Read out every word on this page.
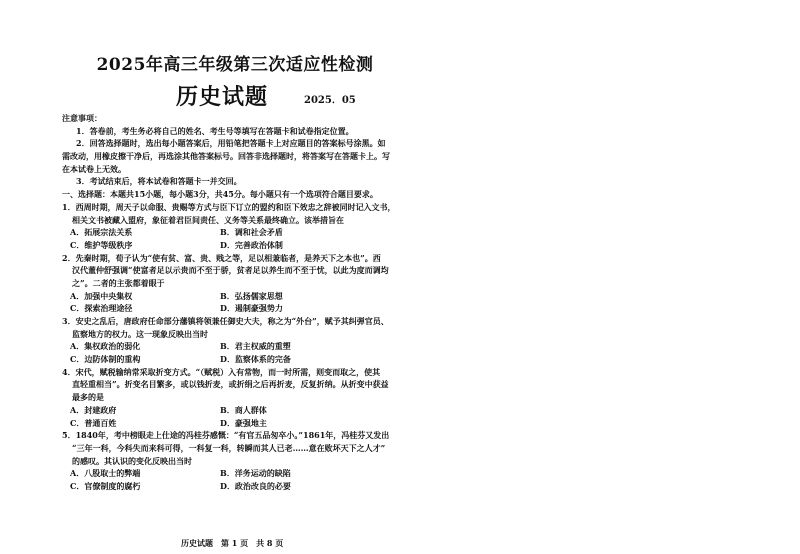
2025年高三年级第三次适应性检测
历史试题	2025．05
注意事项：
1．答卷前，考生务必将自己的姓名、考生号等填写在答题卡和试卷指定位置。
2．回答选择题时，选出每小题答案后，用铅笔把答题卡上对应题目的答案标号涂黑。如
需改动，用橡皮擦干净后，再选涂其他答案标号。回答非选择题时，将答案写在答题卡上。写
在本试卷上无效。
3．考试结束后，将本试卷和答题卡一并交回。
一、选择题：本题共15小题，每小题3分，共45分。每小题只有一个选项符合题目要求。
1．西周时期，周天子以命服、贵赐等方式与臣下订立的盟约和臣下效忠之辞被同时记入文书，
相关文书被藏入盟府，象征着君臣间责任、义务等关系最终确立。该举措旨在
A．拓展宗法关系	B．调和社会矛盾
C．维护等级秩序	D．完善政治体制
2．先秦时期，荀子认为“使有贫、富、贵、贱之等，足以相兼临者，是养天下之本也”。西
汉代董仲舒强调“使富者足以示贵而不至于骄，贫者足以养生而不至于忧，以此为度而调均
之”。二者的主张都着眼于
A．加强中央集权	B．弘扬儒家思想
C．探索治理途径	D．遏制豪强势力
3．安史之乱后，唐政府任命部分藩镇将领兼任御史大夫，称之为“外台”，赋予其纠弹官员、
监察地方的权力。这一现象反映出当时
A．集权政治的弱化	B．君主权威的重塑
C．边防体制的重构	D．监察体系的完备
4．宋代，赋税输纳常采取折变方式。“（赋税）入有常物，而一时所需，则变而取之，使其
直轻重相当”。折变名目繁多，或以钱折麦，或折绢之后再折麦，反复折纳。从折变中获益
最多的是
A．封建政府	B．商人群体
C．普通百姓	D．豪强地主
5．1840年，考中榜眼走上仕途的冯桂芬感慨：“有官五品匆卒小。”1861年，冯桂芬又发出
“三年一科，今科失而来科可得，一科复一科，转瞬而其人已老……意在败坏天下之人才”
的感叹。其认识的变化反映出当时
A．八股取士的弊端	B．洋务运动的缺陷
C．官僚制度的腐朽	D．政治改良的必要
历史试题　第 1 页　共 8 页
